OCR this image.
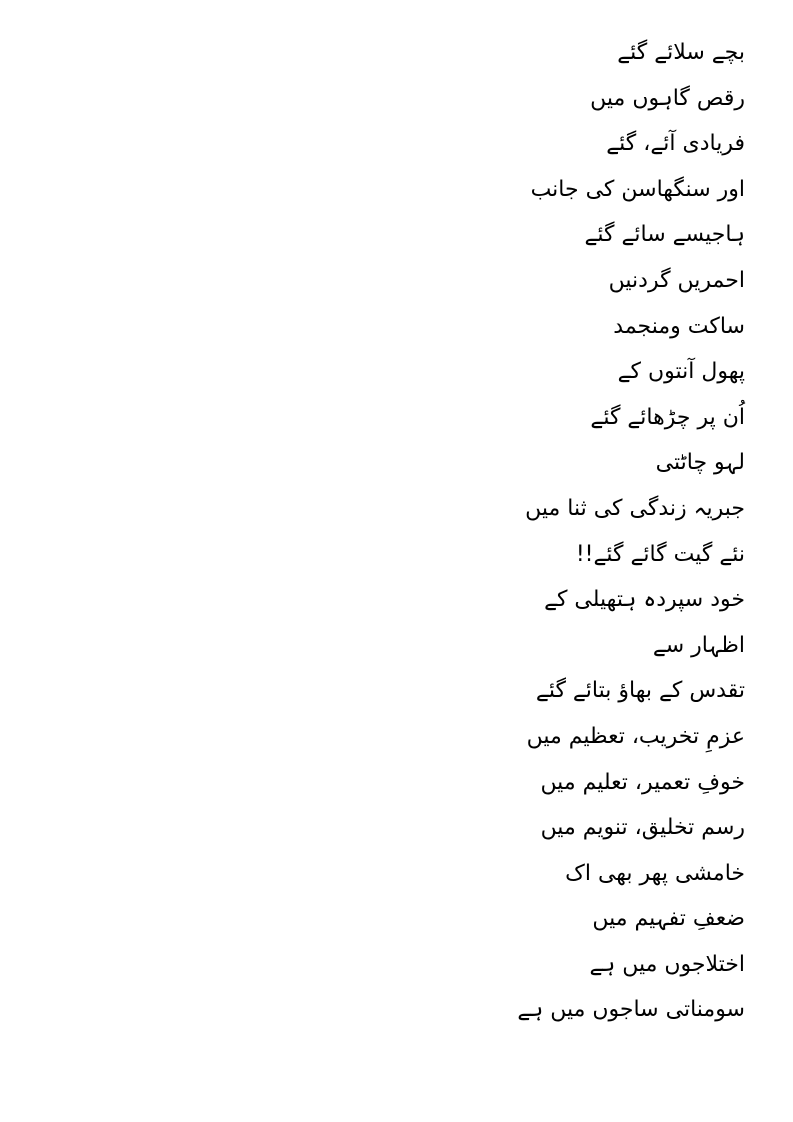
بچے سلائے گئے
رقص گاہوں میں
فریادی آئے، گئے
اور سنگھاسن کی جانب
ہاجیسے سائے گئے
احمریں گردنیں
ساکت ومنجمد
پھول آنتوں کے
اُن پر چڑھائے گئے
لہو چاٹتی
جبریہ زندگی کی ثنا میں
نئے گیت گائے گئے!!
خود سپردہ ہتھیلی کے
اظہار سے
تقدس کے بھاؤ بتائے گئے
عزمِ تخریب، تعظیم میں
خوفِ تعمیر، تعلیم میں
رسم تخلیق، تنویم میں
خامشی پھر بھی اک
ضعفِ تفہیم میں
اختلاجوں میں ہے
سومناتی ساجوں میں ہے
